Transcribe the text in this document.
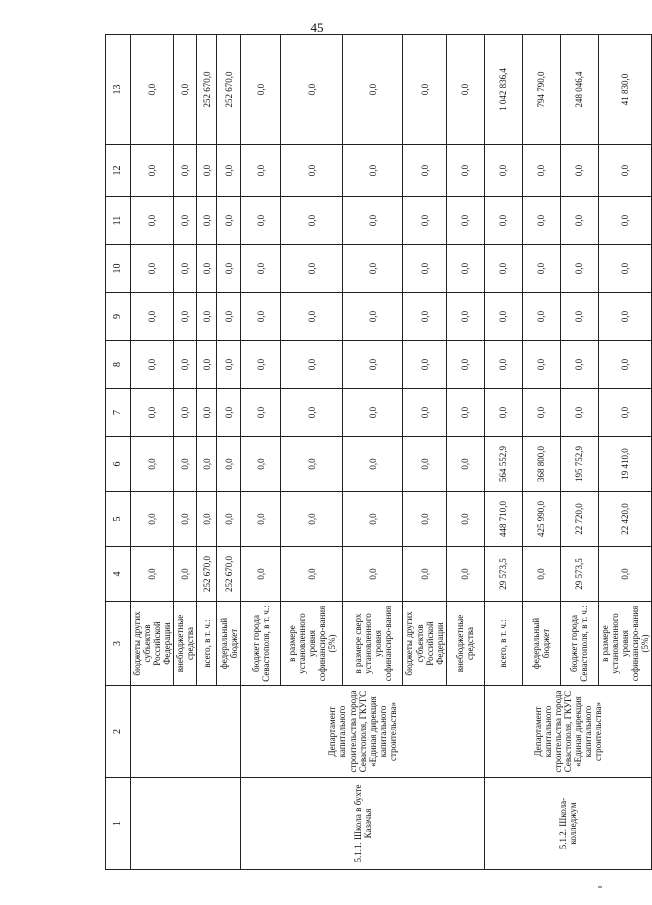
45
1	2	3	4	5	6	7	8	9	10	11	12	13
		бюджеты других субъектов Российской Федерации	0,0	0,0	0,0	0,0	0,0	0,0	0,0	0,0	0,0	0,0
		внебюджетные средства	0,0	0,0	0,0	0,0	0,0	0,0	0,0	0,0	0,0	0,0
		всего, в т. ч.:	252 670,0	0,0	0,0	0,0	0,0	0,0	0,0	0,0	0,0	252 670,0
		федеральный бюджет	252 670,0	0,0	0,0	0,0	0,0	0,0	0,0	0,0	0,0	252 670,0
5.1.1. Школа в бухте Казачья	Департамент капитального строительства города Севастополя, ГКУГС «Единая дирекция капитального строительства»	бюджет города Севастополя, в т. ч.:	0,0	0,0	0,0	0,0	0,0	0,0	0,0	0,0	0,0	0,0
		в размере установленного уровня софинансиро-вания (5%)	0,0	0,0	0,0	0,0	0,0	0,0	0,0	0,0	0,0	0,0
		в размере сверх установленного уровня софинансиро-вания	0,0	0,0	0,0	0,0	0,0	0,0	0,0	0,0	0,0	0,0
		бюджеты других субъектов Российской Федерации	0,0	0,0	0,0	0,0	0,0	0,0	0,0	0,0	0,0	0,0
		внебюджетные средства	0,0	0,0	0,0	0,0	0,0	0,0	0,0	0,0	0,0	0,0
5.1.2. Школа-колледжум	Департамент капитального строительства города Севастополя, ГКУГС «Единая дирекция капитального строительства»	всего, в т. ч.:	29 573,5	448 710,0	564 552,9	0,0	0,0	0,0	0,0	0,0	0,0	1 042 836,4
		федеральный бюджет	0,0	425 990,0	368 800,0	0,0	0,0	0,0	0,0	0,0	0,0	794 790,0
		бюджет города Севастополя, в т. ч.:	29 573,5	22 720,0	195 752,9	0,0	0,0	0,0	0,0	0,0	0,0	248 046,4
		в размере установленного уровня софинансиро-вания (5%)	0,0	22 420,0	19 410,0	0,0	0,0	0,0	0,0	0,0	0,0	41 830,0
